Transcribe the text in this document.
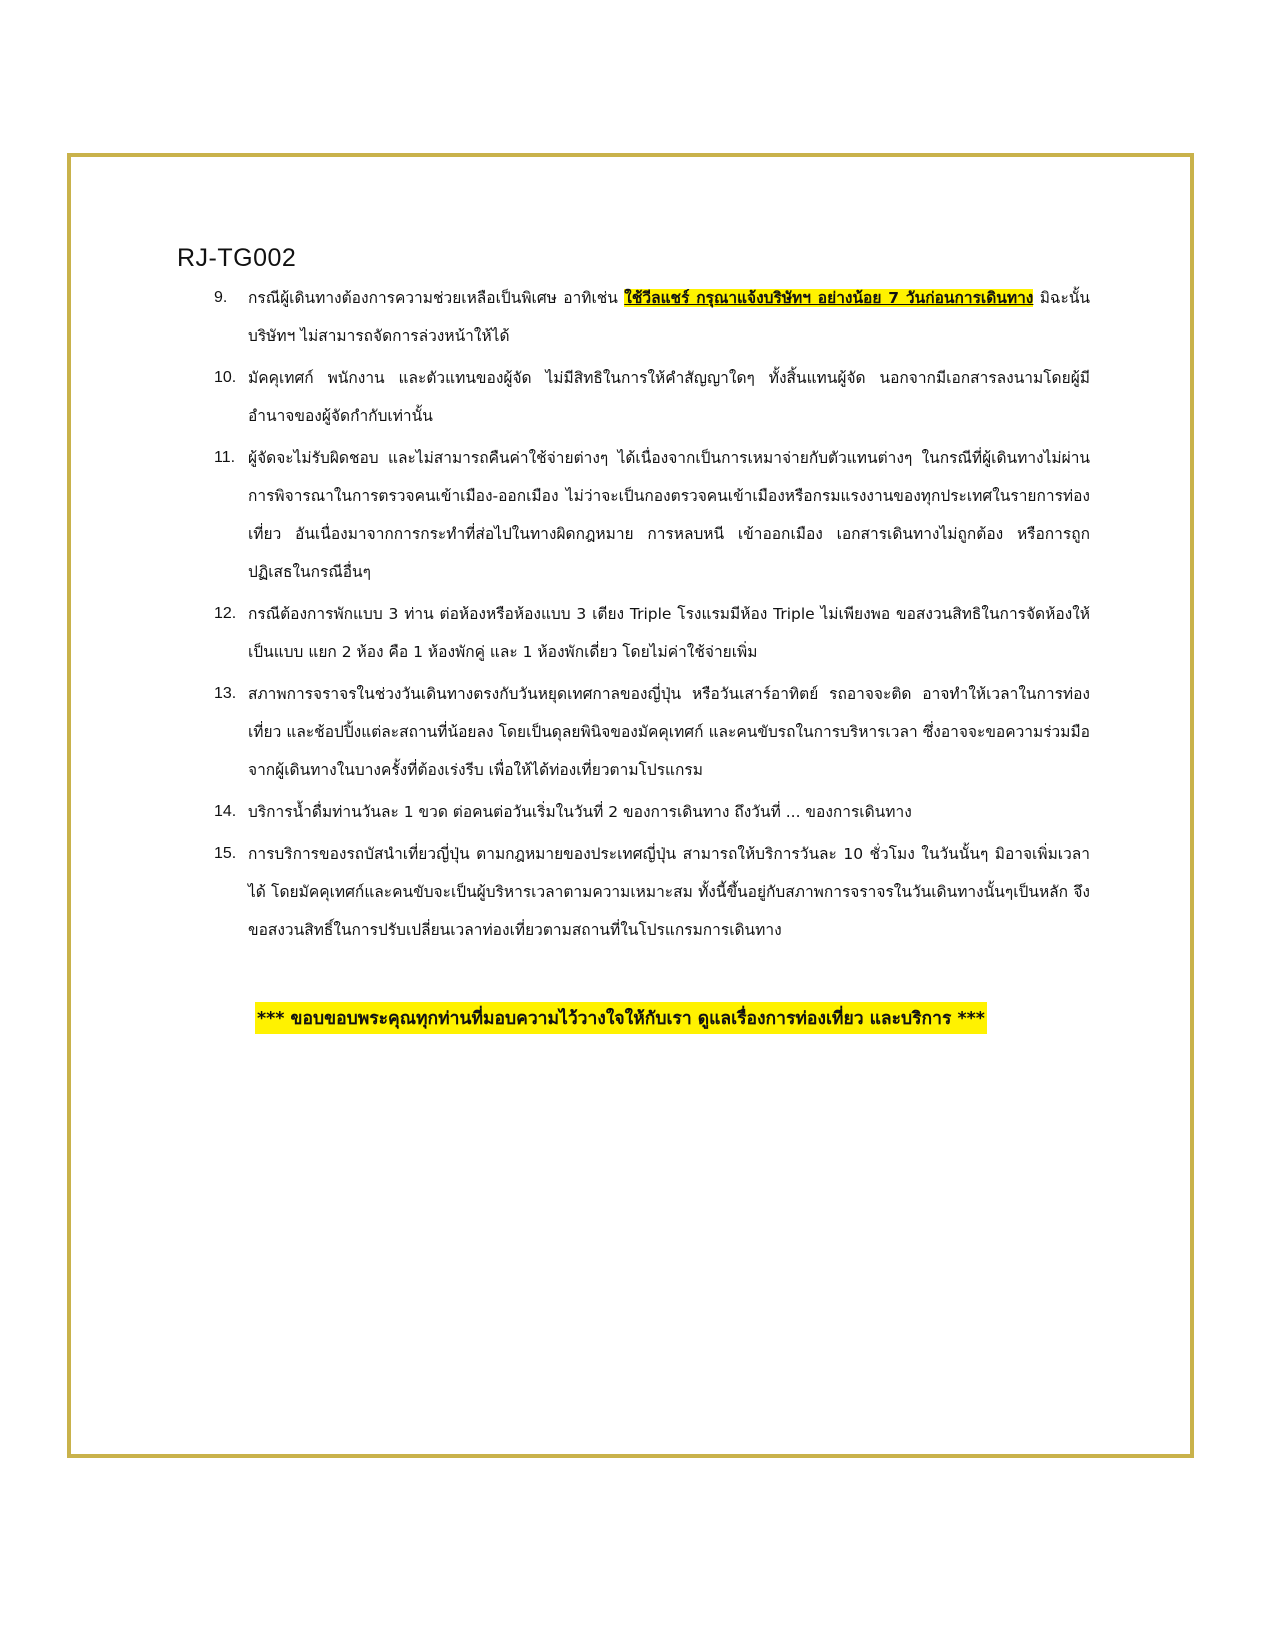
RJ-TG002
9. กรณีผู้เดินทางต้องการความช่วยเหลือเป็นพิเศษ อาทิเช่น ใช้วีลแชร์ กรุณาแจ้งบริษัทฯ อย่างน้อย 7 วันก่อนการเดินทาง มิฉะนั้นบริษัทฯ ไม่สามารถจัดการล่วงหน้าให้ได้
10. มัคคุเทศก์ พนักงาน และตัวแทนของผู้จัด ไม่มีสิทธิในการให้คำสัญญาใดๆ ทั้งสิ้นแทนผู้จัด นอกจากมีเอกสารลงนามโดยผู้มีอำนาจของผู้จัดกำกับเท่านั้น
11. ผู้จัดจะไม่รับผิดชอบ และไม่สามารถคืนค่าใช้จ่ายต่างๆ ได้เนื่องจากเป็นการเหมาจ่ายกับตัวแทนต่างๆ ในกรณีที่ผู้เดินทางไม่ผ่านการพิจารณาในการตรวจคนเข้าเมือง-ออกเมือง ไม่ว่าจะเป็นกองตรวจคนเข้าเมืองหรือกรมแรงงานของทุกประเทศในรายการท่องเที่ยว อันเนื่องมาจากการกระทำที่ส่อไปในทางผิดกฎหมาย การหลบหนี เข้าออกเมือง เอกสารเดินทางไม่ถูกต้อง หรือการถูกปฏิเสธในกรณีอื่นๆ
12. กรณีต้องการพักแบบ 3 ท่าน ต่อห้องหรือห้องแบบ 3 เตียง Triple โรงแรมมีห้อง Triple ไม่เพียงพอ ขอสงวนสิทธิในการจัดห้องให้เป็นแบบ แยก 2 ห้อง คือ 1 ห้องพักคู่ และ 1 ห้องพักเดี่ยว โดยไม่ค่าใช้จ่ายเพิ่ม
13. สภาพการจราจรในช่วงวันเดินทางตรงกับวันหยุดเทศกาลของญี่ปุ่น หรือวันเสาร์อาทิตย์ รถอาจจะติด อาจทำให้เวลาในการท่องเที่ยว และช้อปปิ้งแต่ละสถานที่น้อยลง โดยเป็นดุลยพินิจของมัคคุเทศก์ และคนขับรถในการบริหารเวลา ซึ่งอาจจะขอความร่วมมือจากผู้เดินทางในบางครั้งที่ต้องเร่งรีบ เพื่อให้ได้ท่องเที่ยวตามโปรแกรม
14. บริการน้ำดื่มท่านวันละ 1 ขวด ต่อคนต่อวันเริ่มในวันที่ 2 ของการเดินทาง ถึงวันที่ ... ของการเดินทาง
15. การบริการของรถบัสนำเที่ยวญี่ปุ่น ตามกฎหมายของประเทศญี่ปุ่น สามารถให้บริการวันละ 10 ชั่วโมง ในวันนั้นๆ มิอาจเพิ่มเวลาได้ โดยมัคคุเทศก์และคนขับจะเป็นผู้บริหารเวลาตามความเหมาะสม ทั้งนี้ขึ้นอยู่กับสภาพการจราจรในวันเดินทางนั้นๆเป็นหลัก จึงขอสงวนสิทธิ์ในการปรับเปลี่ยนเวลาท่องเที่ยวตามสถานที่ในโปรแกรมการเดินทาง
*** ขอบขอบพระคุณทุกท่านที่มอบความไว้วางใจให้กับเรา ดูแลเรื่องการท่องเที่ยว และบริการ ***
